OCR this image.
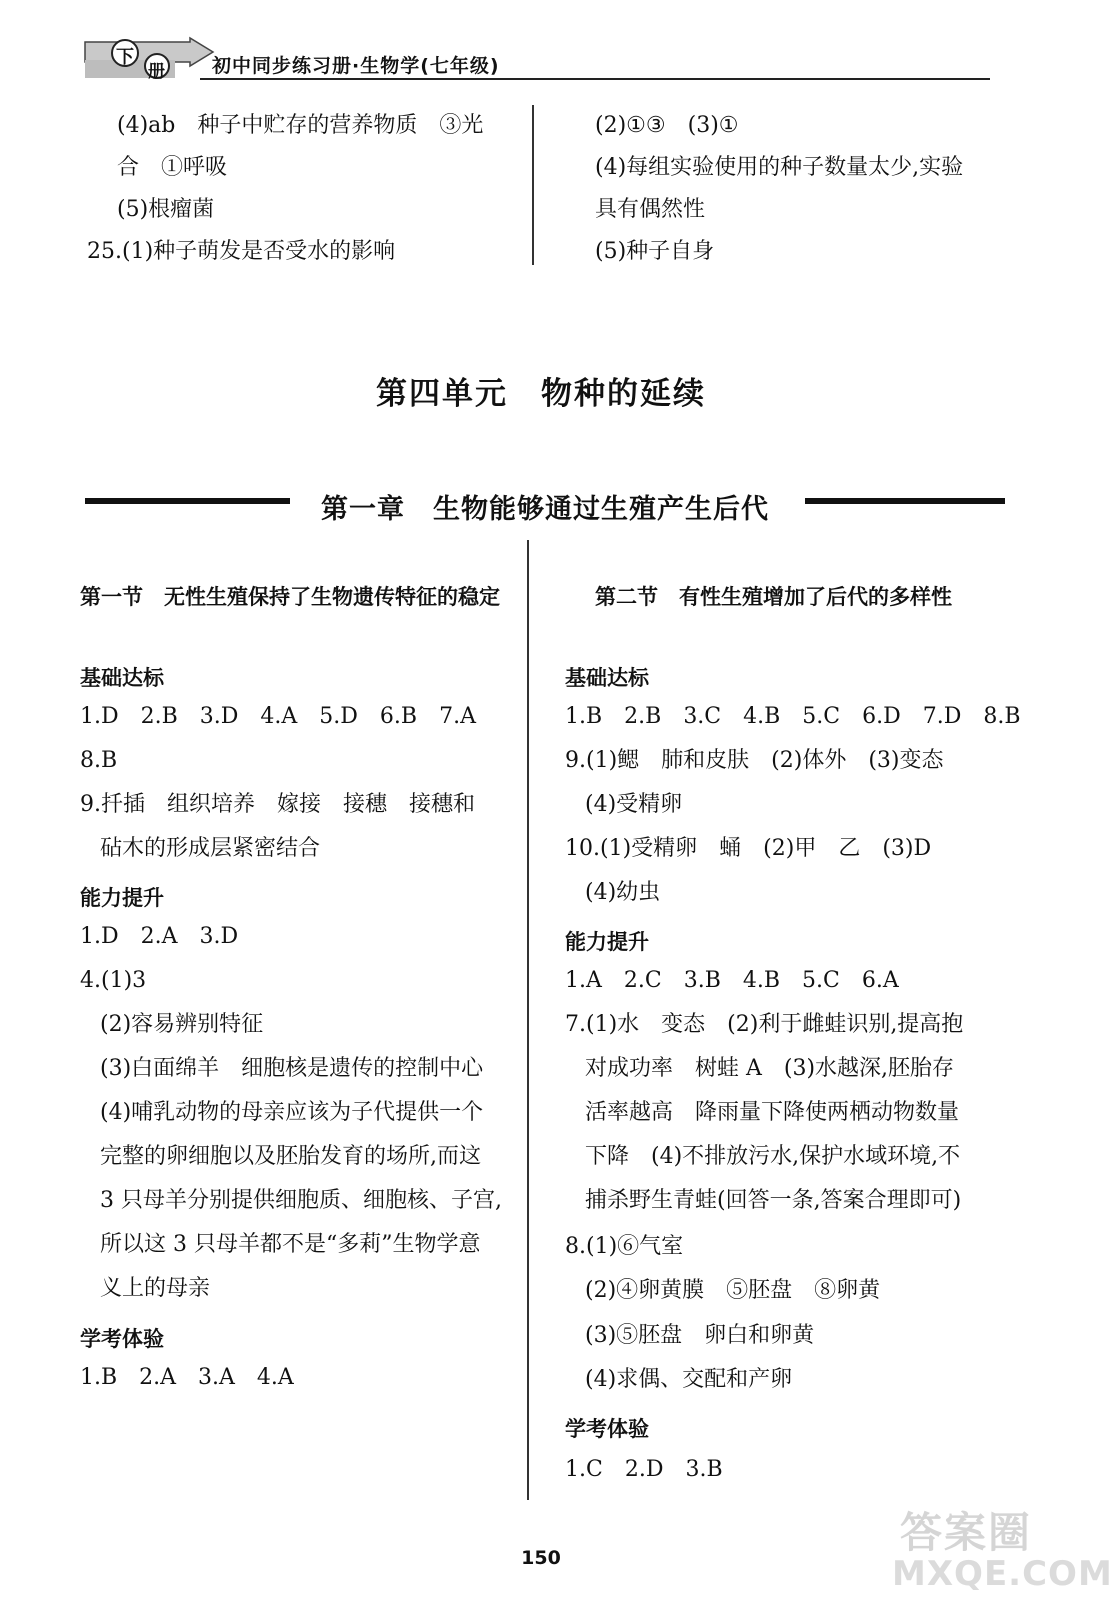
下
册 初中同步练习册·生物学(七年级)
(4)ab　种子中贮存的营养物质　③光
合　①呼吸
(5)根瘤菌
25.(1)种子萌发是否受水的影响
(2)①③　(3)①
(4)每组实验使用的种子数量太少,实验
具有偶然性
(5)种子自身
第四单元　物种的延续
第一章　生物能够通过生殖产生后代
第一节　无性生殖保持了生物遗传特征的稳定
基础达标
1.D　2.B　3.D　4.A　5.D　6.B　7.A
8.B
9.扦插　组织培养　嫁接　接穗　接穗和
砧木的形成层紧密结合
能力提升
1.D　2.A　3.D
4.(1)3
(2)容易辨别特征
(3)白面绵羊　细胞核是遗传的控制中心
(4)哺乳动物的母亲应该为子代提供一个
完整的卵细胞以及胚胎发育的场所,而这
3 只母羊分别提供细胞质、细胞核、子宫,
所以这 3 只母羊都不是“多莉”生物学意
义上的母亲
学考体验
1.B　2.A　3.A　4.A
第二节　有性生殖增加了后代的多样性
基础达标
1.B　2.B　3.C　4.B　5.C　6.D　7.D　8.B
9.(1)鳃　肺和皮肤　(2)体外　(3)变态
(4)受精卵
10.(1)受精卵　蛹　(2)甲　乙　(3)D
(4)幼虫
能力提升
1.A　2.C　3.B　4.B　5.C　6.A
7.(1)水　变态　(2)利于雌蛙识别,提高抱
对成功率　树蛙 A　(3)水越深,胚胎存
活率越高　降雨量下降使两栖动物数量
下降　(4)不排放污水,保护水域环境,不
捕杀野生青蛙(回答一条,答案合理即可)
8.(1)⑥气室
(2)④卵黄膜　⑤胚盘　⑧卵黄
(3)⑤胚盘　卵白和卵黄
(4)求偶、交配和产卵
学考体验
1.C　2.D　3.B
150
答案圈
MXQE.COM
